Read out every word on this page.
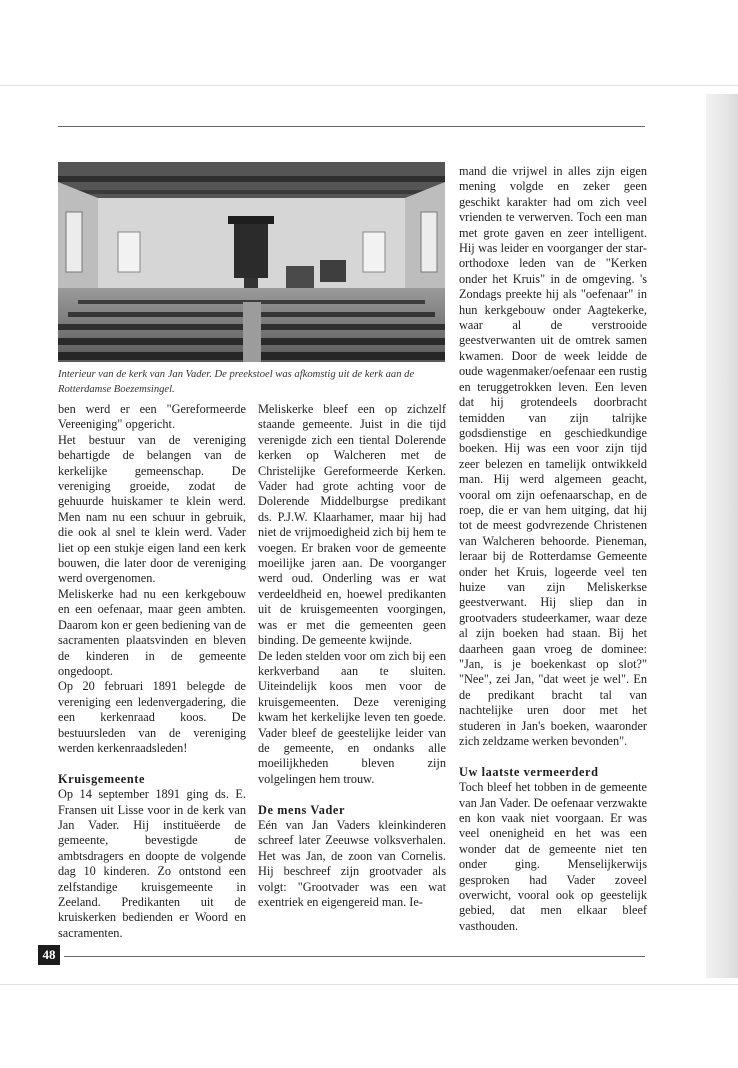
Interieur van de kerk van Jan Vader. De preekstoel was afkomstig uit de kerk aan de Rotterdamse Boezemsingel.

ben werd er een "Gereformeerde Vereeniging" opgericht.

Het bestuur van de vereniging behartigde de belangen van de kerkelijke gemeenschap. De vereniging groeide, zodat de gehuurde huiskamer te klein werd. Men nam nu een schuur in gebruik, die ook al snel te klein werd. Vader liet op een stukje eigen land een kerk bouwen, die later door de vereniging werd overgenomen.

Meliskerke had nu een kerkgebouw en een oefenaar, maar geen ambten. Daarom kon er geen bediening van de sacramenten plaatsvinden en bleven de kinderen in de gemeente ongedoopt.

Op 20 februari 1891 belegde de vereniging een ledenvergadering, die een kerkenraad koos. De bestuursleden van de vereniging werden kerkenraadsleden!

Kruisgemeente

Op 14 september 1891 ging ds. E. Fransen uit Lisse voor in de kerk van Jan Vader. Hij instituëerde de gemeente, bevestigde de ambtsdragers en doopte de volgende dag 10 kinderen. Zo ontstond een zelfstandige kruisgemeente in Zeeland. Predikanten uit de kruiskerken bedienden er Woord en sacramenten.

Meliskerke bleef een op zichzelf staande gemeente. Juist in die tijd verenigde zich een tiental Dolerende kerken op Walcheren met de Christelijke Gereformeerde Kerken. Vader had grote achting voor de Dolerende Middelburgse predikant ds. P.J.W. Klaarhamer, maar hij had niet de vrijmoedigheid zich bij hem te voegen. Er braken voor de gemeente moeilijke jaren aan. De voorganger werd oud. Onderling was er wat verdeeldheid en, hoewel predikanten uit de kruisgemeenten voorgingen, was er met die gemeenten geen binding. De gemeente kwijnde.

De leden stelden voor om zich bij een kerkverband aan te sluiten. Uiteindelijk koos men voor de kruisgemeenten. Deze vereniging kwam het kerkelijke leven ten goede. Vader bleef de geestelijke leider van de gemeente, en ondanks alle moeilijkheden bleven zijn volgelingen hem trouw.

De mens Vader

Eén van Jan Vaders kleinkinderen schreef later Zeeuwse volksverhalen. Het was Jan, de zoon van Cornelis. Hij beschreef zijn grootvader als volgt: "Grootvader was een wat exentriek en eigengereid man. Ie-

mand die vrijwel in alles zijn eigen mening volgde en zeker geen geschikt karakter had om zich veel vrienden te verwerven. Toch een man met grote gaven en zeer intelligent. Hij was leider en voorganger der star-orthodoxe leden van de "Kerken onder het Kruis" in de omgeving. 's Zondags preekte hij als "oefenaar" in hun kerkgebouw onder Aagtekerke, waar al de verstrooide geestverwanten uit de omtrek samen kwamen. Door de week leidde de oude wagenmaker/oefenaar een rustig en teruggetrokken leven. Een leven dat hij grotendeels doorbracht temidden van zijn talrijke godsdienstige en geschiedkundige boeken. Hij was een voor zijn tijd zeer belezen en tamelijk ontwikkeld man. Hij werd algemeen geacht, vooral om zijn oefenaarschap, en de roep, die er van hem uitging, dat hij tot de meest godvrezende Christenen van Walcheren behoorde. Pieneman, leraar bij de Rotterdamse Gemeente onder het Kruis, logeerde veel ten huize van zijn Meliskerkse geestverwant. Hij sliep dan in grootvaders studeerkamer, waar deze al zijn boeken had staan. Bij het daarheen gaan vroeg de dominee: "Jan, is je boekenkast op slot?" "Nee", zei Jan, "dat weet je wel". En de predikant bracht tal van nachtelijke uren door met het studeren in Jan's boeken, waaronder zich zeldzame werken bevonden".

Uw laatste vermeerderd

Toch bleef het tobben in de gemeente van Jan Vader. De oefenaar verzwakte en kon vaak niet voorgaan. Er was veel onenigheid en het was een wonder dat de gemeente niet ten onder ging. Menselijkerwijs gesproken had Vader zoveel overwicht, vooral ook op geestelijk gebied, dat men elkaar bleef vasthouden.

48
